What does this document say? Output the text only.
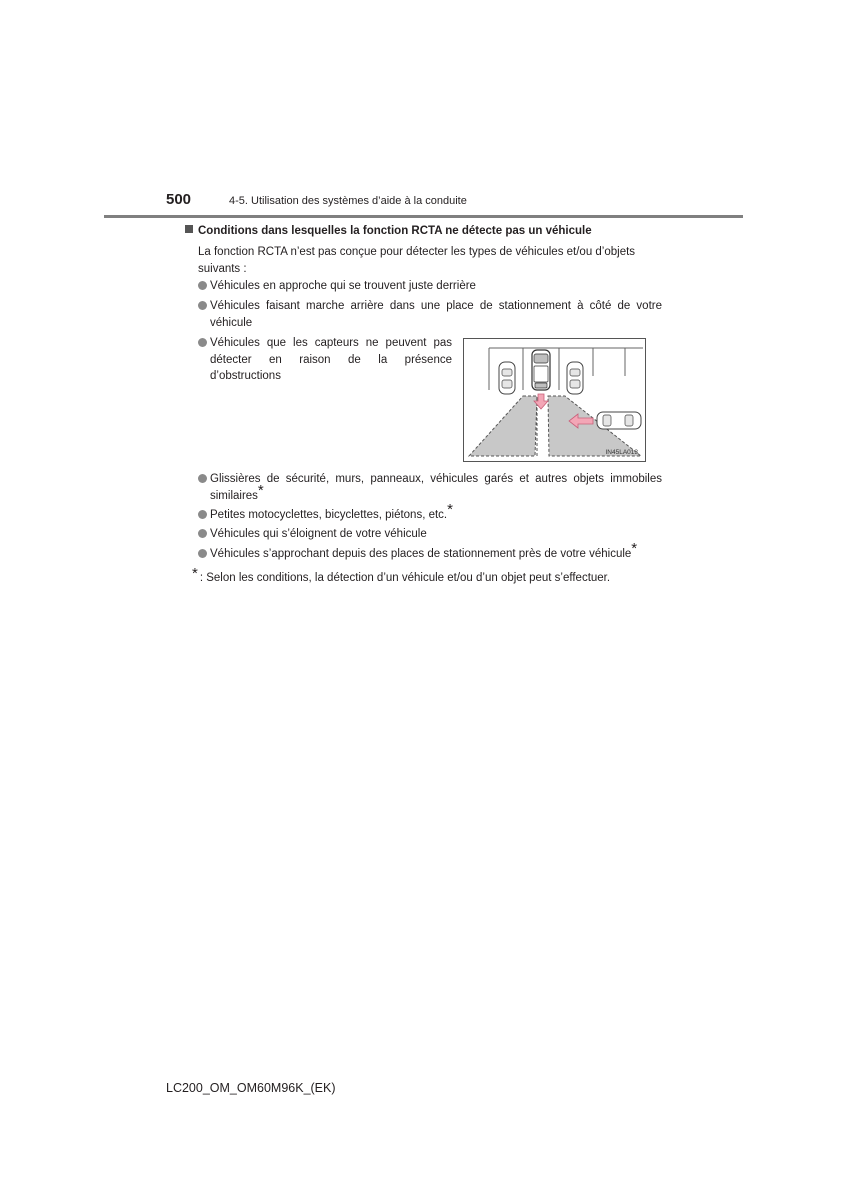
500	4-5. Utilisation des systèmes d’aide à la conduite
Conditions dans lesquelles la fonction RCTA ne détecte pas un véhicule
La fonction RCTA n’est pas conçue pour détecter les types de véhicules et/ou d’objets suivants :
Véhicules en approche qui se trouvent juste derrière
Véhicules faisant marche arrière dans une place de stationnement à côté de votre véhicule
Véhicules que les capteurs ne peuvent pas détecter en raison de la présence d’obstructions
IN45LA013
Glissières de sécurité, murs, panneaux, véhicules garés et autres objets immobiles similaires*
Petites motocyclettes, bicyclettes, piétons, etc.*
Véhicules qui s’éloignent de votre véhicule
Véhicules s’approchant depuis des places de stationnement près de votre véhicule*
* : Selon les conditions, la détection d’un véhicule et/ou d’un objet peut s’effectuer.
LC200_OM_OM60M96K_(EK)
